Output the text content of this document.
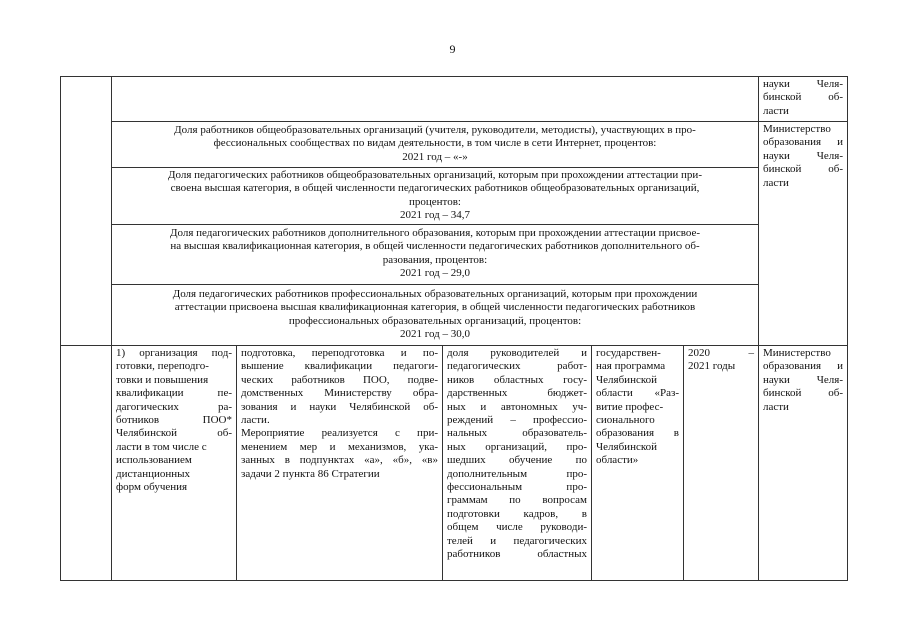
9
науки Челя-
бинской об-
ласти
Доля работников общеобразовательных организаций (учителя, руководители, методисты), участвующих в про-
фессиональных сообществах по видам деятельности, в том числе в сети Интернет, процентов:
2021 год – «-»
Доля педагогических работников общеобразовательных организаций, которым при прохождении аттестации при-
своена высшая категория, в общей численности педагогических работников общеобразовательных организаций,
процентов:
2021 год – 34,7
Доля педагогических работников дополнительного образования, которым при прохождении аттестации присвое-
на высшая квалификационная категория, в общей численности педагогических работников дополнительного об-
разования, процентов:
2021 год – 29,0
Доля педагогических работников профессиональных образовательных организаций, которым при прохождении
аттестации присвоена высшая квалификационная категория, в общей численности педагогических работников
профессиональных образовательных организаций, процентов:
2021 год – 30,0
Министерство
образования и
науки Челя-
бинской об-
ласти
1) организация под-
готовки, переподго-
товки и повышения
квалификации пе-
дагогических ра-
ботников ПОО*
Челябинской об-
ласти в том числе с
использованием
дистанционных
форм обучения
подготовка, переподготовка и по-
вышение квалификации педагоги-
ческих работников ПОО, подве-
домственных Министерству обра-
зования и науки Челябинской об-
ласти.
Мероприятие реализуется с при-
менением мер и механизмов, ука-
занных в подпунктах «а», «б», «в»
задачи 2 пункта 86 Стратегии
доля руководителей и
педагогических работ-
ников областных госу-
дарственных бюджет-
ных и автономных уч-
реждений – профессио-
нальных образователь-
ных организаций, про-
шедших обучение по
дополнительным про-
фессиональным про-
граммам по вопросам
подготовки кадров, в
общем числе руководи-
телей и педагогических
работников областных
государствен-
ная программа
Челябинской
области «Раз-
витие профес-
сионального
образования в
Челябинской
области»
2020 –
2021 годы
Министерство
образования и
науки Челя-
бинской об-
ласти
